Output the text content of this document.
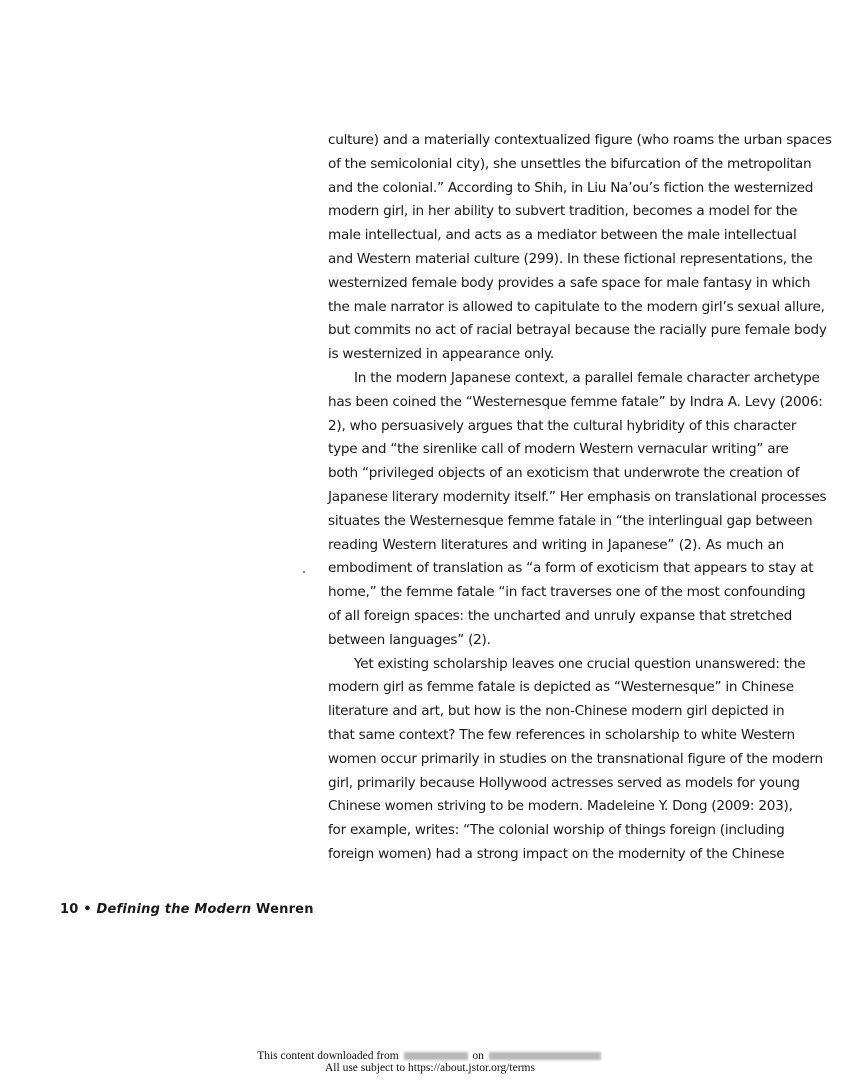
culture) and a materially contextualized figure (who roams the urban spaces
of the semicolonial city), she unsettles the bifurcation of the metropolitan
and the colonial.” According to Shih, in Liu Na’ou’s fiction the westernized
modern girl, in her ability to subvert tradition, becomes a model for the
male intellectual, and acts as a mediator between the male intellectual
and Western material culture (299). In these fictional representations, the
westernized female body provides a safe space for male fantasy in which
the male narrator is allowed to capitulate to the modern girl’s sexual allure,
but commits no act of racial betrayal because the racially pure female body
is westernized in appearance only.
In the modern Japanese context, a parallel female character archetype
has been coined the “Westernesque femme fatale” by Indra A. Levy (2006:
2), who persuasively argues that the cultural hybridity of this character
type and “the sirenlike call of modern Western vernacular writing” are
both “privileged objects of an exoticism that underwrote the creation of
Japanese literary modernity itself.” Her emphasis on translational processes
situates the Westernesque femme fatale in “the interlingual gap between
reading Western literatures and writing in Japanese” (2). As much an
embodiment of translation as “a form of exoticism that appears to stay at
home,” the femme fatale “in fact traverses one of the most confounding
of all foreign spaces: the uncharted and unruly expanse that stretched
between languages” (2).
Yet existing scholarship leaves one crucial question unanswered: the
modern girl as femme fatale is depicted as “Westernesque” in Chinese
literature and art, but how is the non-Chinese modern girl depicted in
that same context? The few references in scholarship to white Western
women occur primarily in studies on the transnational figure of the modern
girl, primarily because Hollywood actresses served as models for young
Chinese women striving to be modern. Madeleine Y. Dong (2009: 203),
for example, writes: “The colonial worship of things foreign (including
foreign women) had a strong impact on the modernity of the Chinese
10 • Defining the Modern Wenren
This content downloaded from	on
All use subject to https://about.jstor.org/terms
